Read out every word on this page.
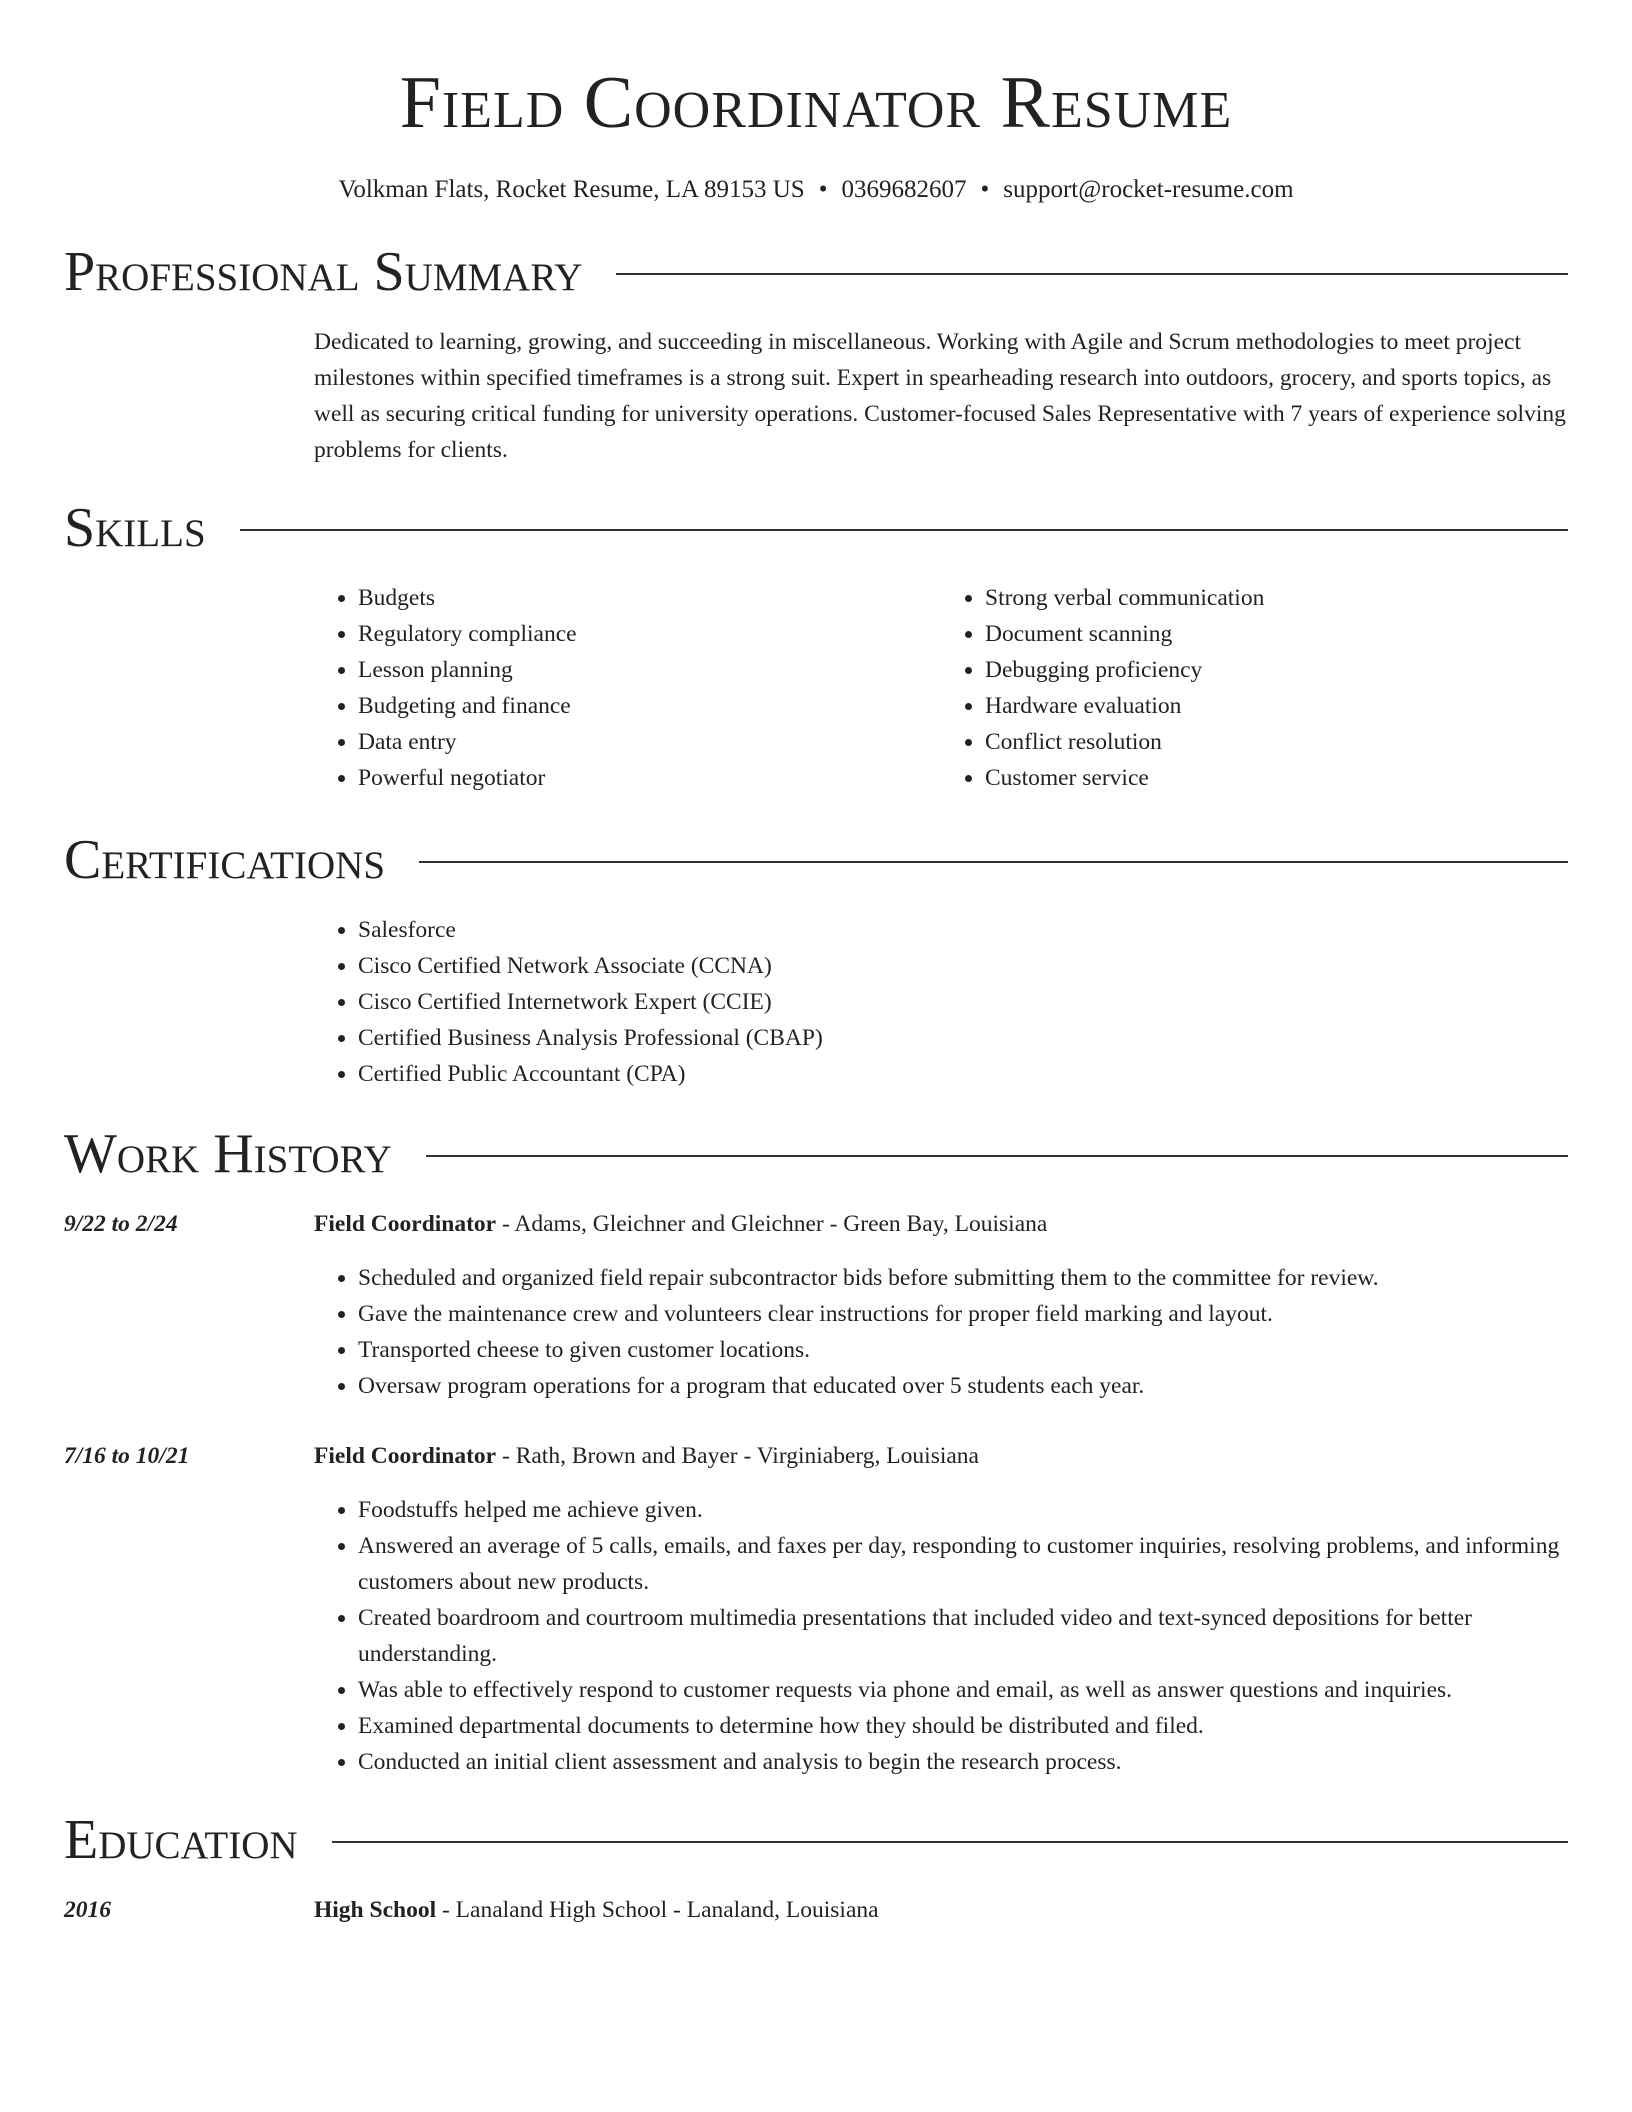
Field Coordinator Resume
Volkman Flats, Rocket Resume, LA 89153 US • 0369682607 • support@rocket-resume.com
Professional Summary
Dedicated to learning, growing, and succeeding in miscellaneous. Working with Agile and Scrum methodologies to meet project milestones within specified timeframes is a strong suit. Expert in spearheading research into outdoors, grocery, and sports topics, as well as securing critical funding for university operations. Customer-focused Sales Representative with 7 years of experience solving problems for clients.
Skills
• Budgets
• Regulatory compliance
• Lesson planning
• Budgeting and finance
• Data entry
• Powerful negotiator
• Strong verbal communication
• Document scanning
• Debugging proficiency
• Hardware evaluation
• Conflict resolution
• Customer service
Certifications
• Salesforce
• Cisco Certified Network Associate (CCNA)
• Cisco Certified Internetwork Expert (CCIE)
• Certified Business Analysis Professional (CBAP)
• Certified Public Accountant (CPA)
Work History
9/22 to 2/24	Field Coordinator - Adams, Gleichner and Gleichner - Green Bay, Louisiana
• Scheduled and organized field repair subcontractor bids before submitting them to the committee for review.
• Gave the maintenance crew and volunteers clear instructions for proper field marking and layout.
• Transported cheese to given customer locations.
• Oversaw program operations for a program that educated over 5 students each year.
7/16 to 10/21	Field Coordinator - Rath, Brown and Bayer - Virginiaberg, Louisiana
• Foodstuffs helped me achieve given.
• Answered an average of 5 calls, emails, and faxes per day, responding to customer inquiries, resolving problems, and informing customers about new products.
• Created boardroom and courtroom multimedia presentations that included video and text-synced depositions for better understanding.
• Was able to effectively respond to customer requests via phone and email, as well as answer questions and inquiries.
• Examined departmental documents to determine how they should be distributed and filed.
• Conducted an initial client assessment and analysis to begin the research process.
Education
2016	High School - Lanaland High School - Lanaland, Louisiana
